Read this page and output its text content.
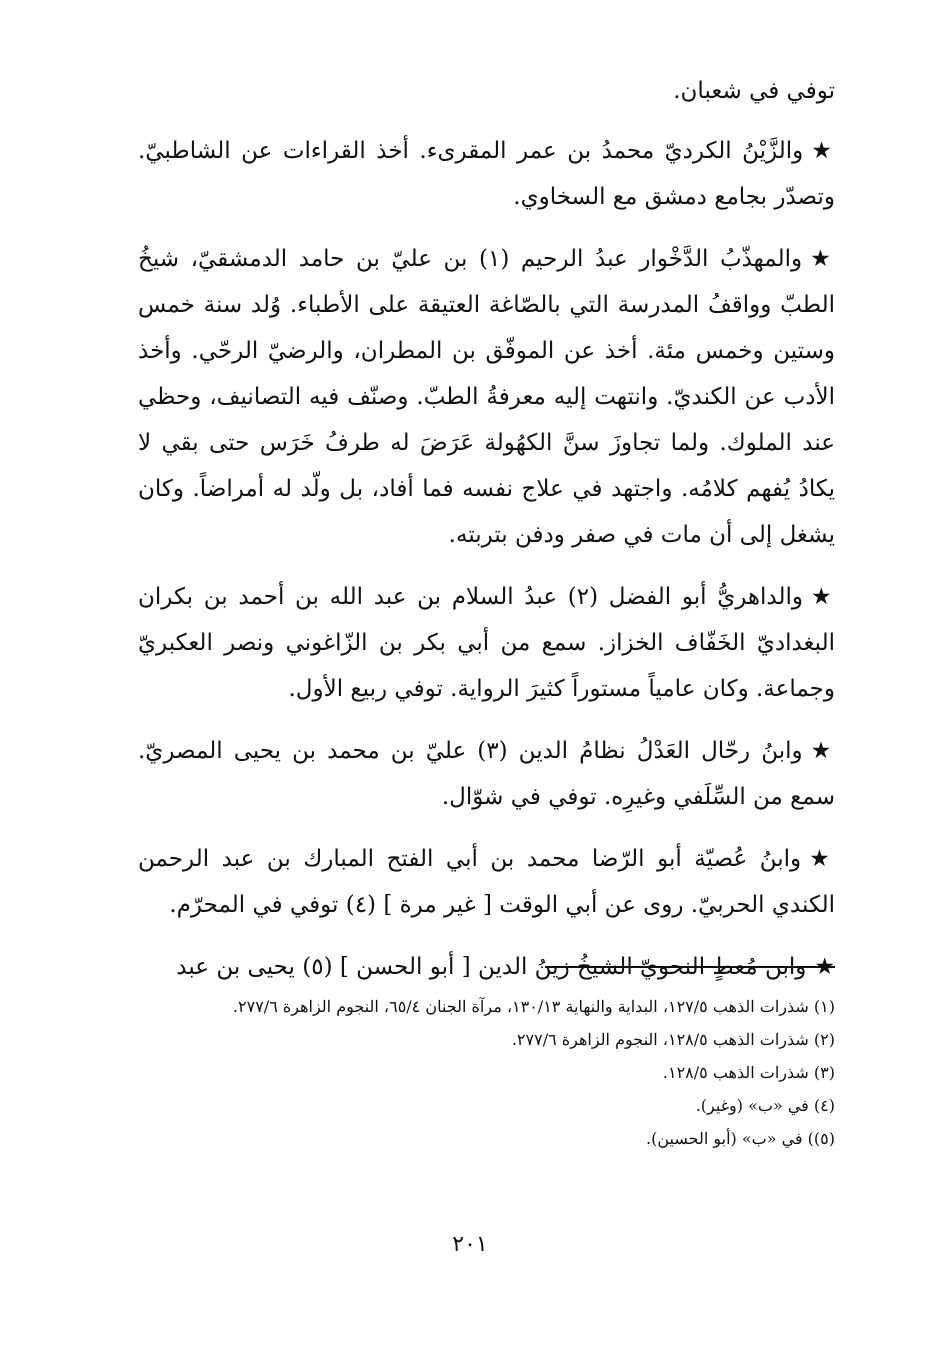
توفي في شعبان.

★والزَّيْنُ الكرديّ محمدُ بن عمر المقرىء. أخذ القراءات عن الشاطبيّ. وتصدّر بجامع دمشق مع السخاوي.

★والمهذّبُ الدَّخْوار عبدُ الرحيم (١) بن عليّ بن حامد الدمشقيّ، شيخُ الطبّ وواقفُ المدرسة التي بالصّاغة العتيقة على الأطباء. وُلد سنة خمس وستين وخمس مئة. أخذ عن الموفّق بن المطران، والرضيّ الرحّي. وأخذ الأدب عن الكنديّ. وانتهت إليه معرفةُ الطبّ. وصنّف فيه التصانيف، وحظي عند الملوك. ولما تجاوزَ سنَّ الكهُولة عَرَضَ له طرفُ خَرَس حتى بقي لا يكادُ يُفهم كلامُه. واجتهد في علاج نفسه فما أفاد، بل ولّد له أمراضاً. وكان يشغل إلى أن مات في صفر ودفن بتربته.

★والداهريُّ أبو الفضل (٢) عبدُ السلام بن عبد الله بن أحمد بن بكران البغداديّ الخَفّاف الخزاز. سمع من أبي بكر بن الزّاغوني ونصر العكبريّ وجماعة. وكان عامياً مستوراً كثيرَ الرواية. توفي ربيع الأول.

★وابنُ رحّال العَدْلُ نظامُ الدين (٣) عليّ بن محمد بن يحيى المصريّ. سمع من السِّلَفي وغيرِه. توفي في شوّال.

★وابنُ عُصيّة أبو الرّضا محمد بن أبي الفتح المبارك بن عبد الرحمن الكندي الحربيّ. روى عن أبي الوقت [ غير مرة ] (٤) توفي في المحرّم.

★وابن مُعطٍ النحويّ الشيخُ زينُ الدين [ أبو الحسن ] (٥) يحيى بن عبد

(١) شذرات الذهب ١٢٧/٥، البداية والنهاية ١٣٠/١٣، مرآة الجنان ٦٥/٤، النجوم الزاهرة ٢٧٧/٦.

(٢) شذرات الذهب ١٢٨/٥، النجوم الزاهرة ٢٧٧/٦.

(٣) شذرات الذهب ١٢٨/٥.

(٤) في «ب» (وغير).

(٥)) في «ب» (أبو الحسين).

٢٠١
